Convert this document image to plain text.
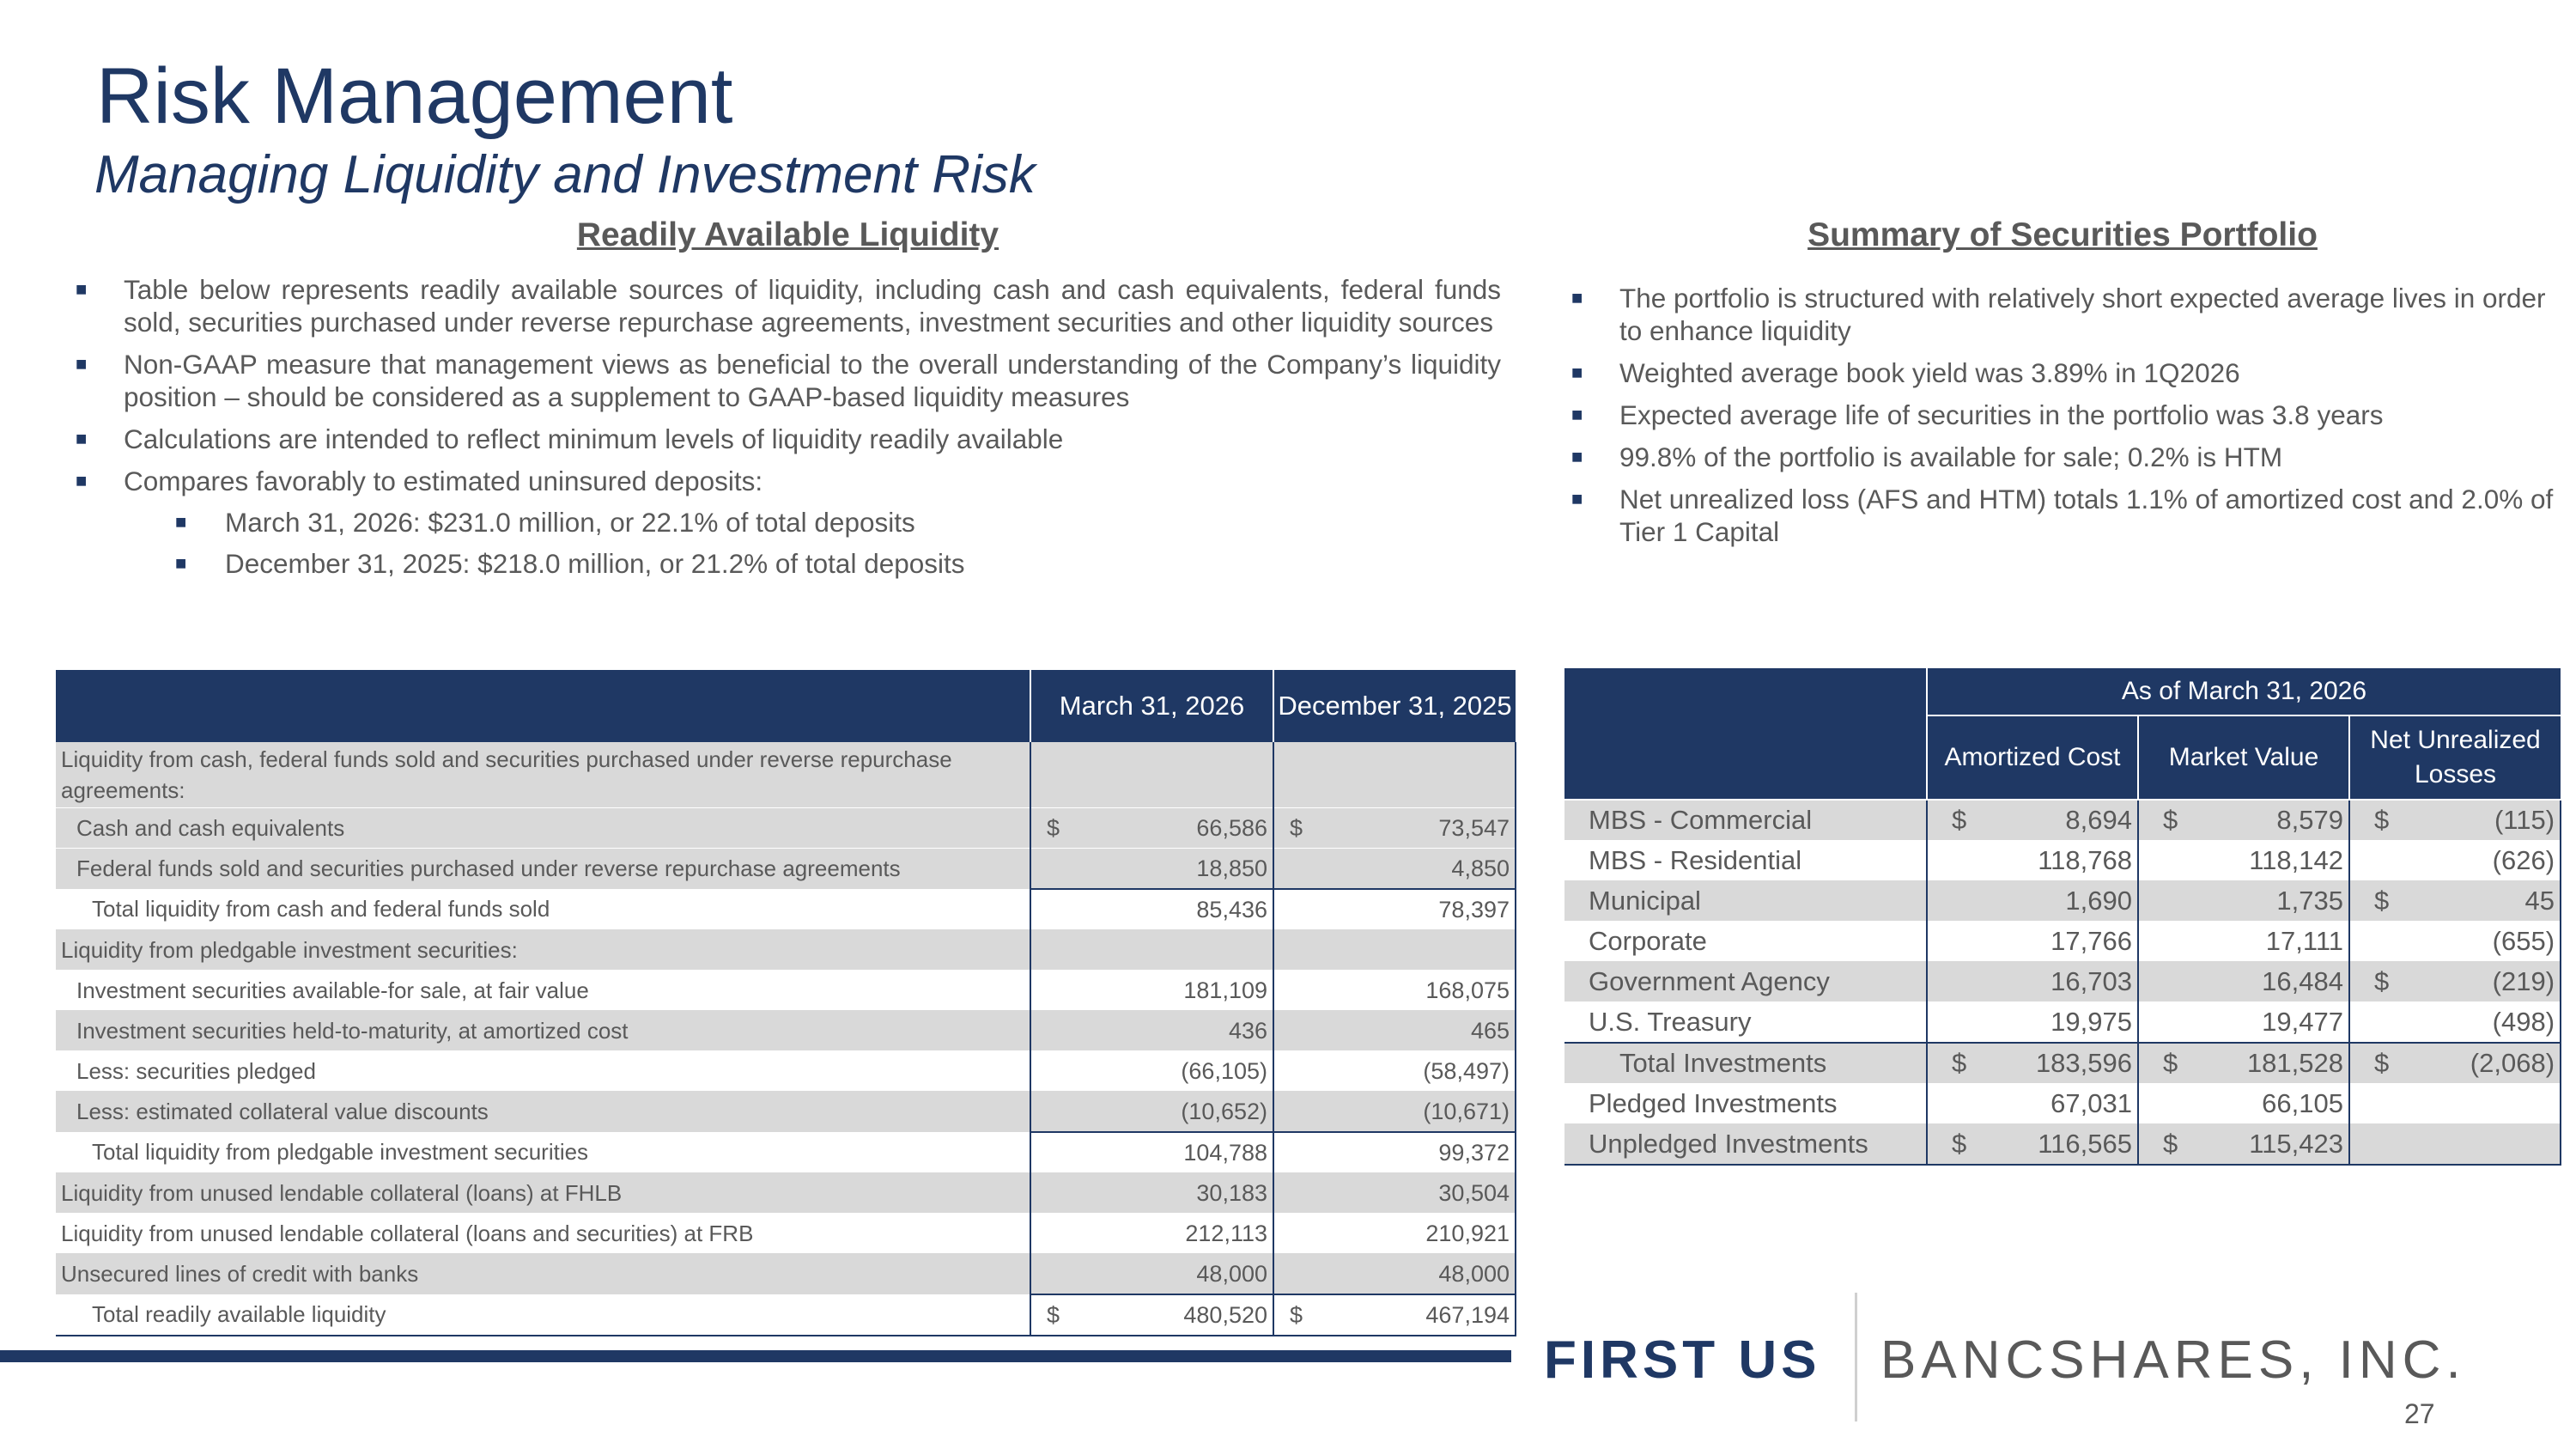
Risk Management
Managing Liquidity and Investment Risk
Readily Available Liquidity
■ Table below represents readily available sources of liquidity, including cash and cash equivalents, federal funds sold, securities purchased under reverse repurchase agreements, investment securities and other liquidity sources
■ Non-GAAP measure that management views as beneficial to the overall understanding of the Company’s liquidity position – should be considered as a supplement to GAAP-based liquidity measures
■ Calculations are intended to reflect minimum levels of liquidity readily available
■ Compares favorably to estimated uninsured deposits:
■ March 31, 2026: $231.0 million, or 22.1% of total deposits
■ December 31, 2025: $218.0 million, or 21.2% of total deposits
Summary of Securities Portfolio
■ The portfolio is structured with relatively short expected average lives in order to enhance liquidity
■ Weighted average book yield was 3.89% in 1Q2026
■ Expected average life of securities in the portfolio was 3.8 years
■ 99.8% of the portfolio is available for sale; 0.2% is HTM
■ Net unrealized loss (AFS and HTM) totals 1.1% of amortized cost and 2.0% of Tier 1 Capital
	March 31, 2026	December 31, 2025
Liquidity from cash, federal funds sold and securities purchased under reverse repurchase agreements:		
Cash and cash equivalents	$ 66,586	$ 73,547
Federal funds sold and securities purchased under reverse repurchase agreements	18,850	4,850
Total liquidity from cash and federal funds sold	85,436	78,397
Liquidity from pledgable investment securities:		
Investment securities available-for sale, at fair value	181,109	168,075
Investment securities held-to-maturity, at amortized cost	436	465
Less: securities pledged	(66,105)	(58,497)
Less: estimated collateral value discounts	(10,652)	(10,671)
Total liquidity from pledgable investment securities	104,788	99,372
Liquidity from unused lendable collateral (loans) at FHLB	30,183	30,504
Liquidity from unused lendable collateral (loans and securities) at FRB	212,113	210,921
Unsecured lines of credit with banks	48,000	48,000
Total readily available liquidity	$ 480,520	$ 467,194
	As of March 31, 2026		
	Amortized Cost	Market Value	Net Unrealized Losses
MBS - Commercial	$ 8,694	$ 8,579	$ (115)
MBS - Residential	118,768	118,142	(626)
Municipal	1,690	1,735	$ 45
Corporate	17,766	17,111	(655)
Government Agency	16,703	16,484	$ (219)
U.S. Treasury	19,975	19,477	(498)
Total Investments	$ 183,596	$ 181,528	$ (2,068)
Pledged Investments	67,031	66,105	
Unpledged Investments	$ 116,565	$ 115,423	
FIRST US BANCSHARES, INC.
27
